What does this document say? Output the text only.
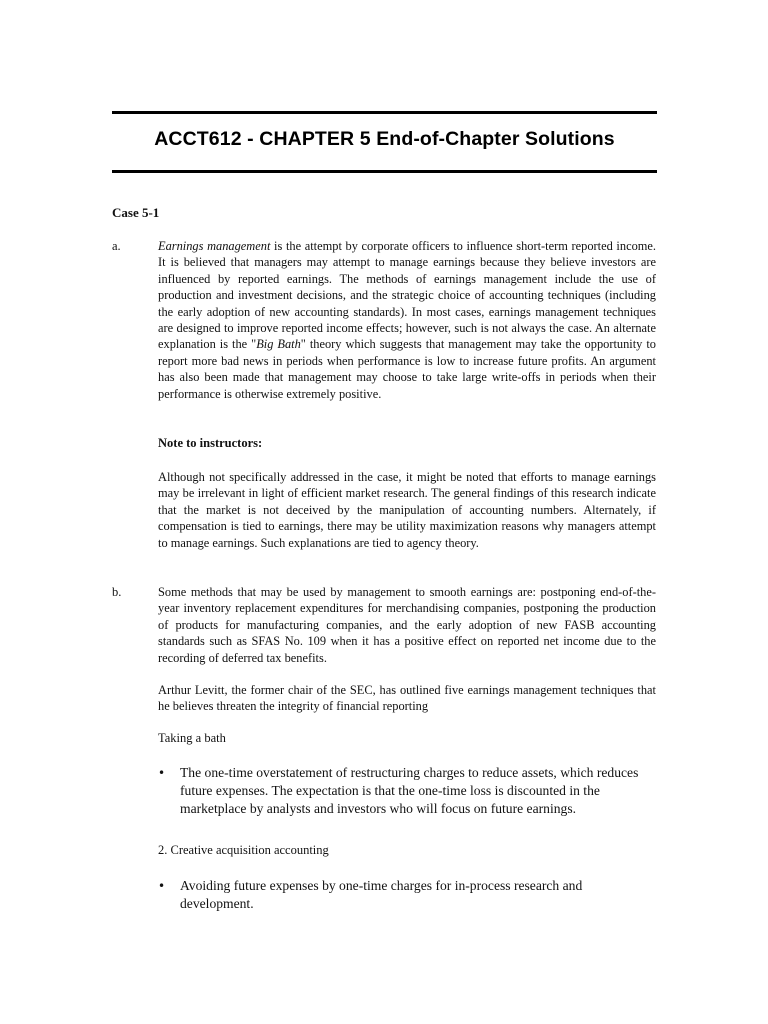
ACCT612 - CHAPTER 5 End-of-Chapter Solutions
Case 5-1
a.	Earnings management is the attempt by corporate officers to influence short-term reported income. It is believed that managers may attempt to manage earnings because they believe investors are influenced by reported earnings. The methods of earnings management include the use of production and investment decisions, and the strategic choice of accounting techniques (including the early adoption of new accounting standards). In most cases, earnings management techniques are designed to improve reported income effects; however, such is not always the case. An alternate explanation is the "Big Bath" theory which suggests that management may take the opportunity to report more bad news in periods when performance is low to increase future profits. An argument has also been made that management may choose to take large write-offs in periods when their performance is otherwise extremely positive.

Note to instructors:

Although not specifically addressed in the case, it might be noted that efforts to manage earnings may be irrelevant in light of efficient market research. The general findings of this research indicate that the market is not deceived by the manipulation of accounting numbers. Alternately, if compensation is tied to earnings, there may be utility maximization reasons why managers attempt to manage earnings. Such explanations are tied to agency theory.

b.	Some methods that may be used by management to smooth earnings are: postponing end-of-the-year inventory replacement expenditures for merchandising companies, postponing the production of products for manufacturing companies, and the early adoption of new FASB accounting standards such as SFAS No. 109 when it has a positive effect on reported net income due to the recording of deferred tax benefits.

Arthur Levitt, the former chair of the SEC, has outlined five earnings management techniques that he believes threaten the integrity of financial reporting

Taking a bath
• The one-time overstatement of restructuring charges to reduce assets, which reduces future expenses. The expectation is that the one-time loss is discounted in the marketplace by analysts and investors who will focus on future earnings.
2. Creative acquisition accounting
• Avoiding future expenses by one-time charges for in-process research and development.
